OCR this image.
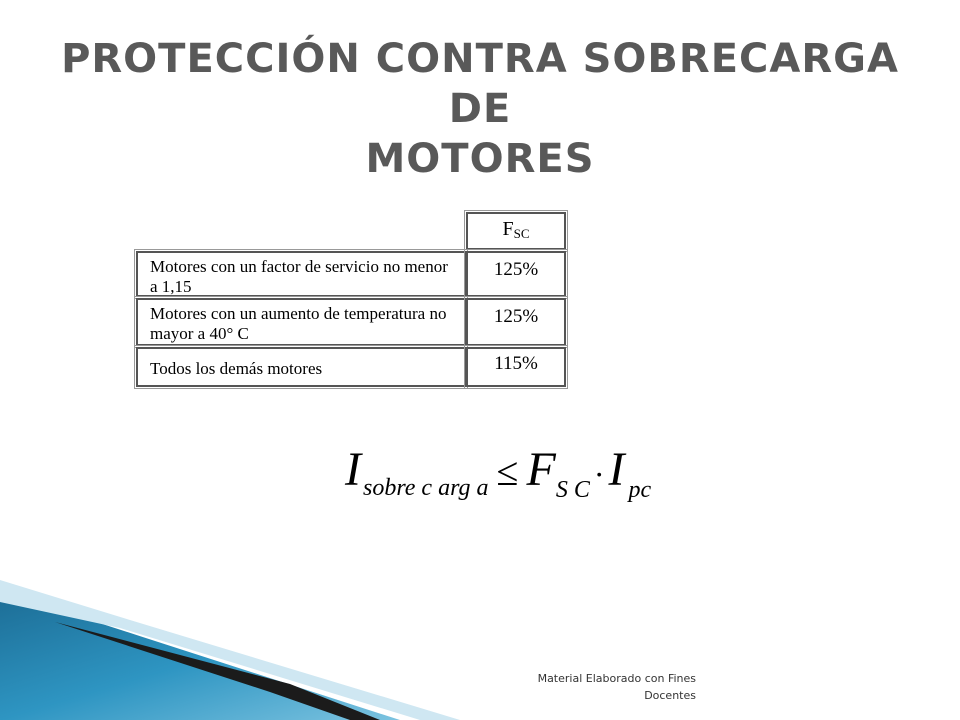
PROTECCIÓN CONTRA SOBRECARGA DE
MOTORES
$F_{SC}$
Motores con un factor de servicio no menor a 1,15
125%
Motores con un aumento de temperatura no mayor a 40° C
125%
Todos los demás motores	115%
Isobre c arg a ≤ FS C · I pc
Material Elaborado con Fines
Docentes
